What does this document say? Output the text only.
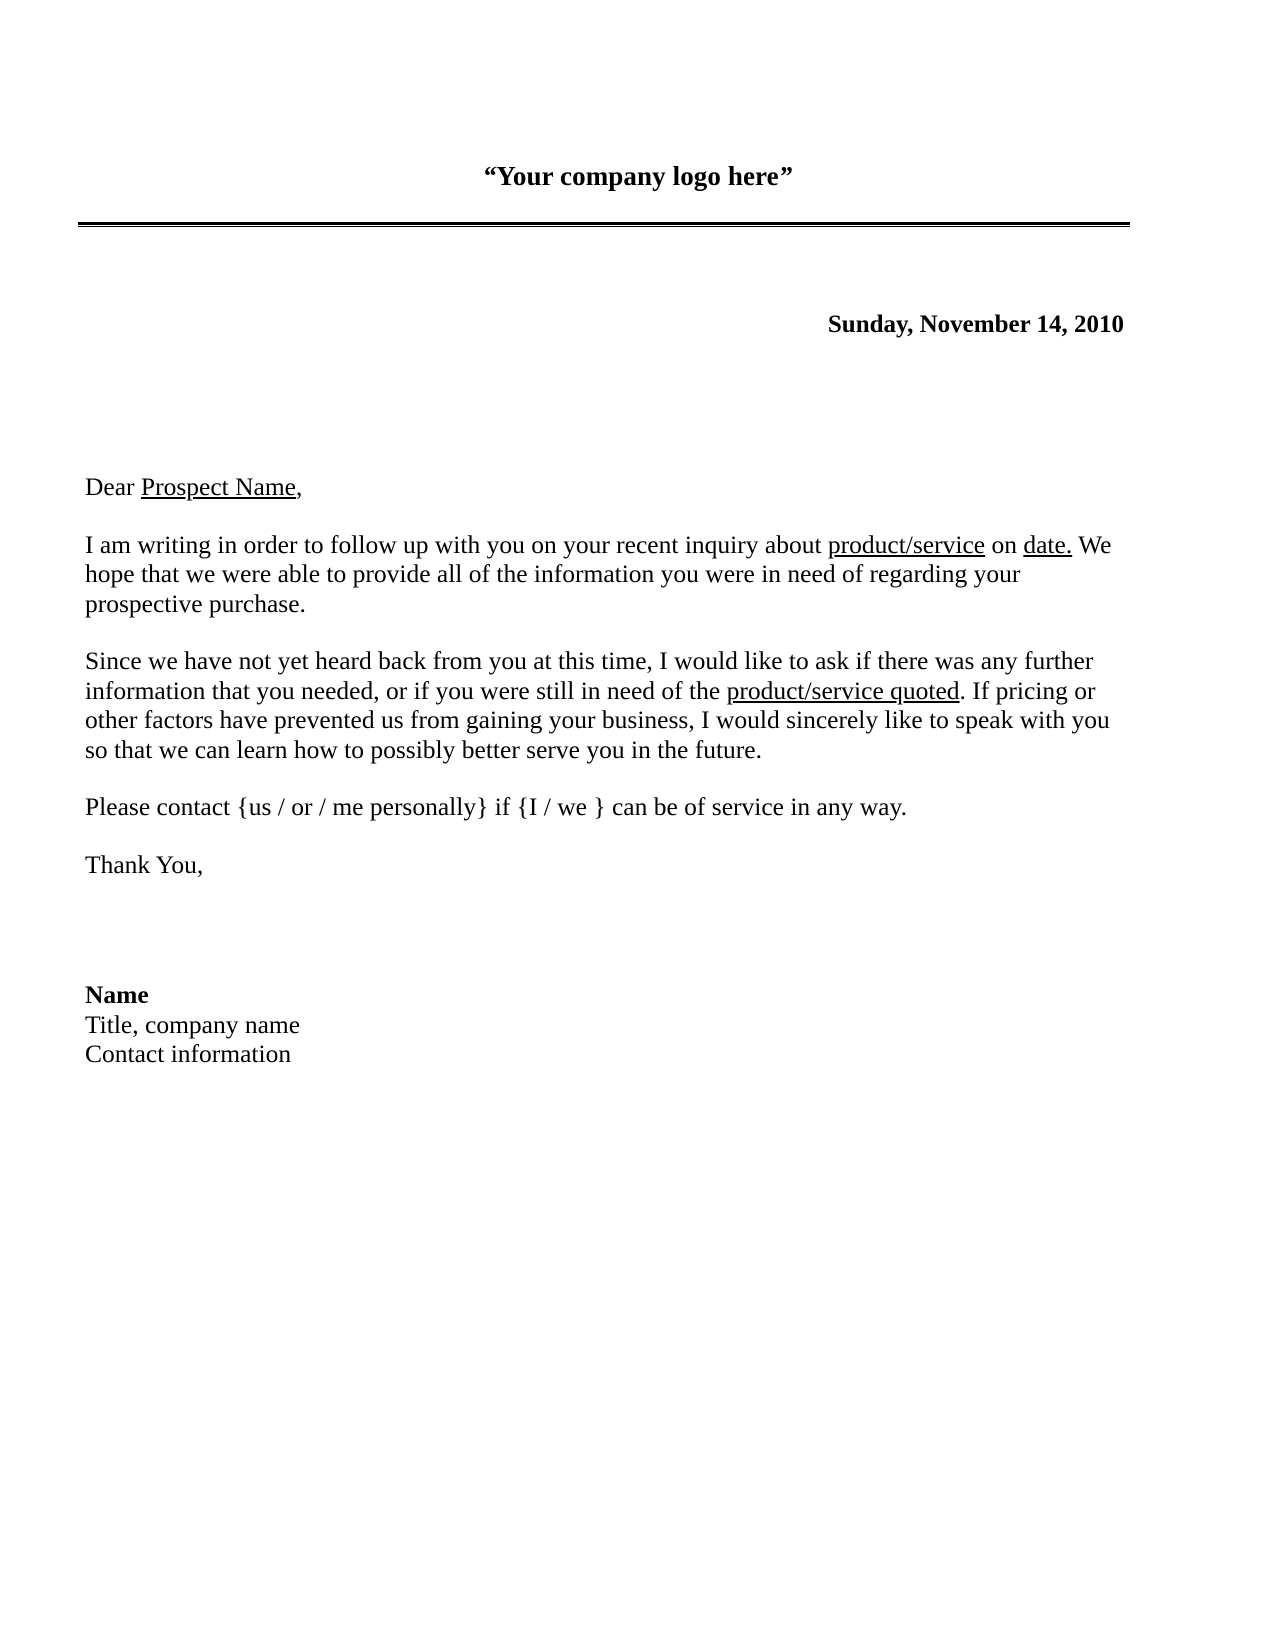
“Your company logo here”
Sunday, November 14, 2010

Dear Prospect Name,

I am writing in order to follow up with you on your recent inquiry about product/service on date. We hope that we were able to provide all of the information you were in need of regarding your prospective purchase.

Since we have not yet heard back from you at this time, I would like to ask if there was any further information that you needed, or if you were still in need of the product/service quoted. If pricing or other factors have prevented us from gaining your business, I would sincerely like to speak with you so that we can learn how to possibly better serve you in the future.

Please contact {us / or / me personally} if {I / we } can be of service in any way.

Thank You,

Name
Title, company name
Contact information
